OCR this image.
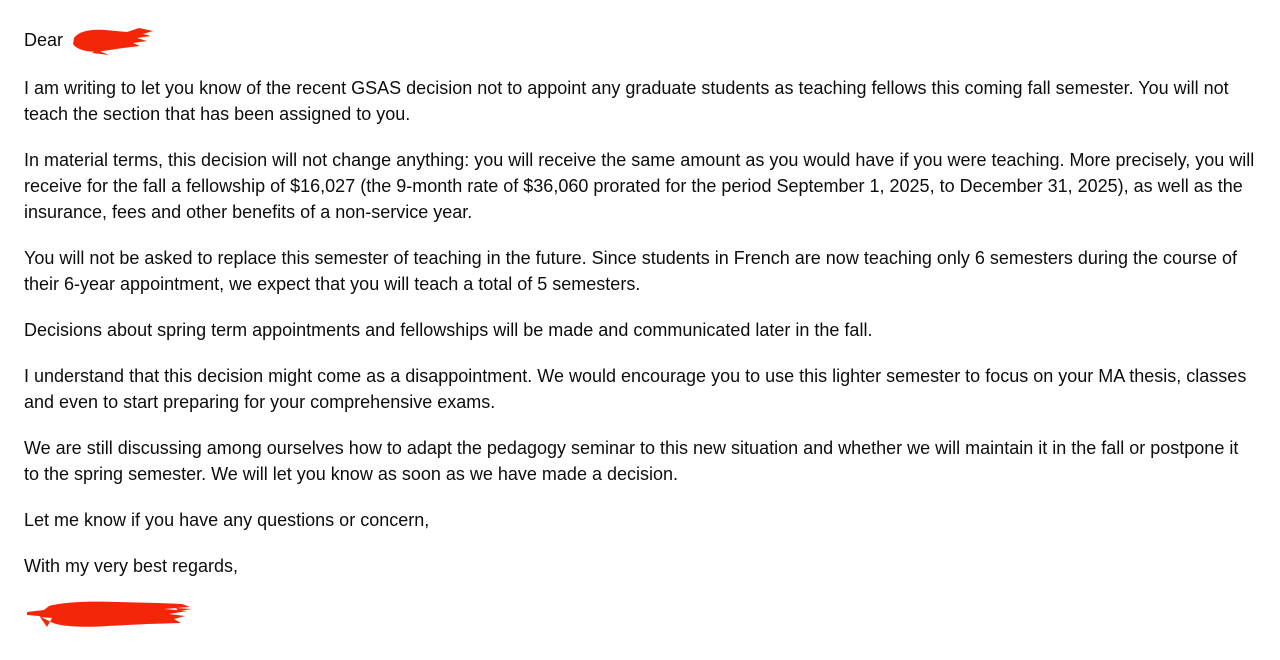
Dear

I am writing to let you know of the recent GSAS decision not to appoint any graduate students as teaching fellows this coming fall semester. You will not teach the section that has been assigned to you.

In material terms, this decision will not change anything: you will receive the same amount as you would have if you were teaching. More precisely, you will receive for the fall a fellowship of $16,027 (the 9-month rate of $36,060 prorated for the period September 1, 2025, to December 31, 2025), as well as the insurance, fees and other benefits of a non-service year.

You will not be asked to replace this semester of teaching in the future. Since students in French are now teaching only 6 semesters during the course of their 6-year appointment, we expect that you will teach a total of 5 semesters.

Decisions about spring term appointments and fellowships will be made and communicated later in the fall.

I understand that this decision might come as a disappointment. We would encourage you to use this lighter semester to focus on your MA thesis, classes and even to start preparing for your comprehensive exams.

We are still discussing among ourselves how to adapt the pedagogy seminar to this new situation and whether we will maintain it in the fall or postpone it to the spring semester. We will let you know as soon as we have made a decision.

Let me know if you have any questions or concern,

With my very best regards,
